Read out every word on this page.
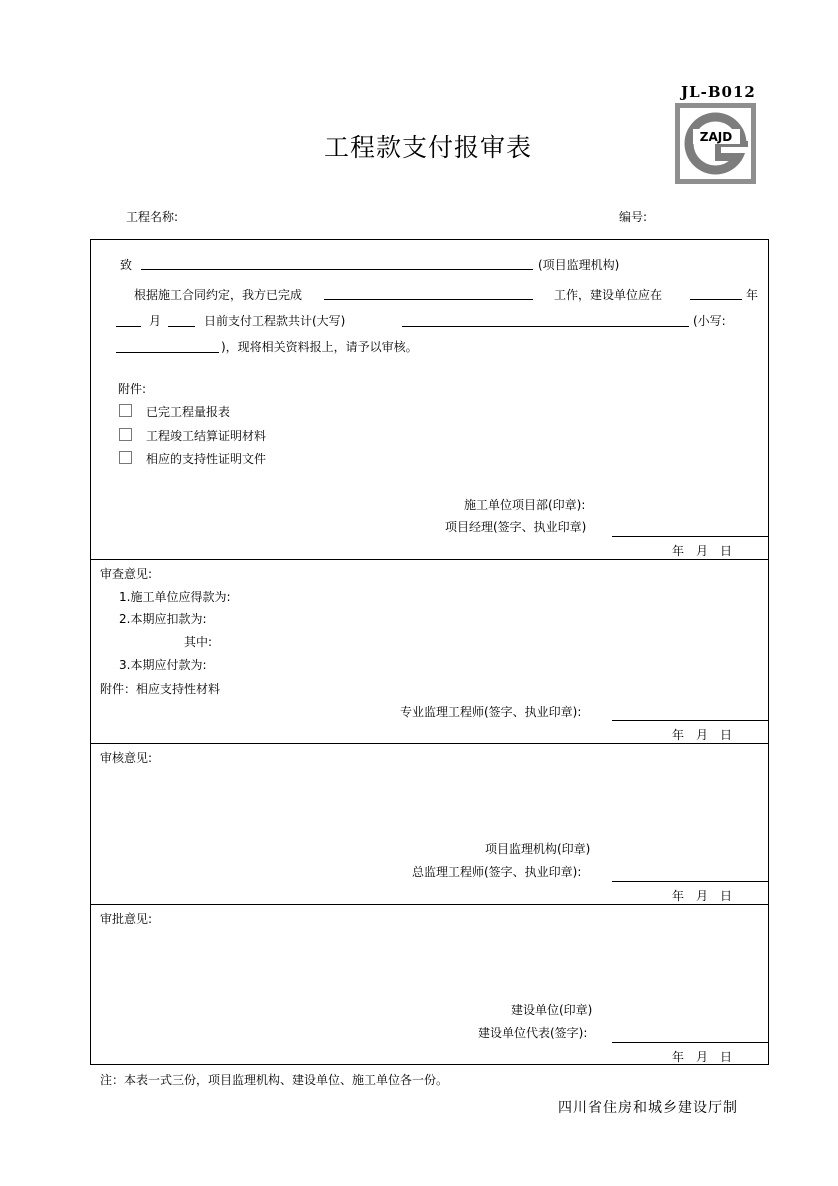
JL-B012
工程款支付报审表	ZAJD
工程名称:	编号:
致	(项目监理机构)
根据施工合同约定，我方已完成	工作，建设单位应在	年
月	日前支付工程款共计(大写)	(小写:
)，现将相关资料报上，请予以审核。
附件:
已完工程量报表
工程竣工结算证明材料
相应的支持性证明文件
施工单位项目部(印章):
项目经理(签字、执业印章)
年　月　日
审查意见:
1.施工单位应得款为:
2.本期应扣款为:
其中:
3.本期应付款为:
附件：相应支持性材料
专业监理工程师(签字、执业印章):
年　月　日
审核意见:
项目监理机构(印章)
总监理工程师(签字、执业印章):
年　月　日
审批意见:
建设单位(印章)
建设单位代表(签字):
年　月　日
注：本表一式三份，项目监理机构、建设单位、施工单位各一份。
四川省住房和城乡建设厅制
